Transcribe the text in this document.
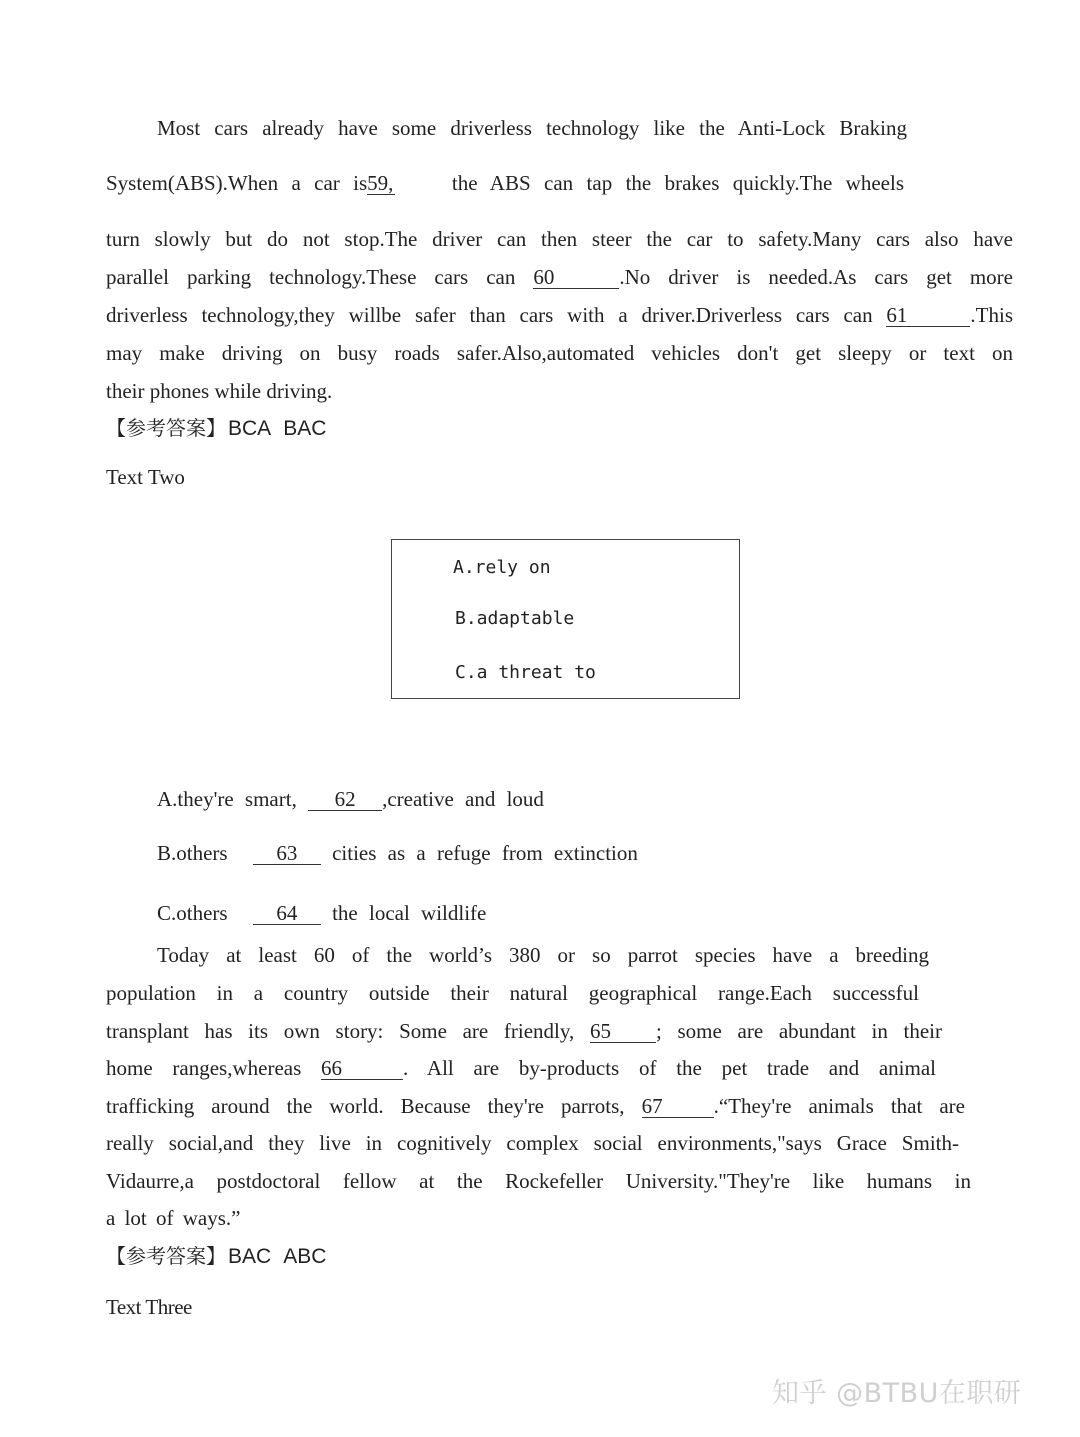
Most cars already have some driverless technology like the Anti-Lock Braking
System(ABS).When a car is59,	the ABS can tap the brakes quickly.The wheels
turn slowly but do not stop.The driver can then steer the car to safety.Many cars also have
parallel parking technology.These cars can 60	.No driver is needed.As cars get more
driverless technology,they willbe safer than cars with a driver.Driverless cars can 61	.This
may make driving on busy roads safer.Also,automated vehicles don't get sleepy or text on
their phones while driving.
【参考答案】BCA BAC
Text Two
A.rely on
B.adaptable
C.a threat to
A.they're smart, 62 ,creative and loud
B.others 63 cities as a refuge from extinction
C.others 64 the local wildlife
Today at least 60 of the world’s 380 or so parrot species have a breeding
population in a country outside their natural geographical range.Each successful
transplant has its own story: Some are friendly, 65 ; some are abundant in their
home ranges,whereas 66	. All are by-products of the pet trade and animal
trafficking around the world. Because they're parrots, 67 .“They're animals that are
really social,and they live in cognitively complex social environments,"says Grace Smith-
Vidaurre,a postdoctoral fellow at the Rockefeller University."They're like humans in
a lot of ways.”
【参考答案】BAC ABC
Text Three
知乎 @BTBU在职研
